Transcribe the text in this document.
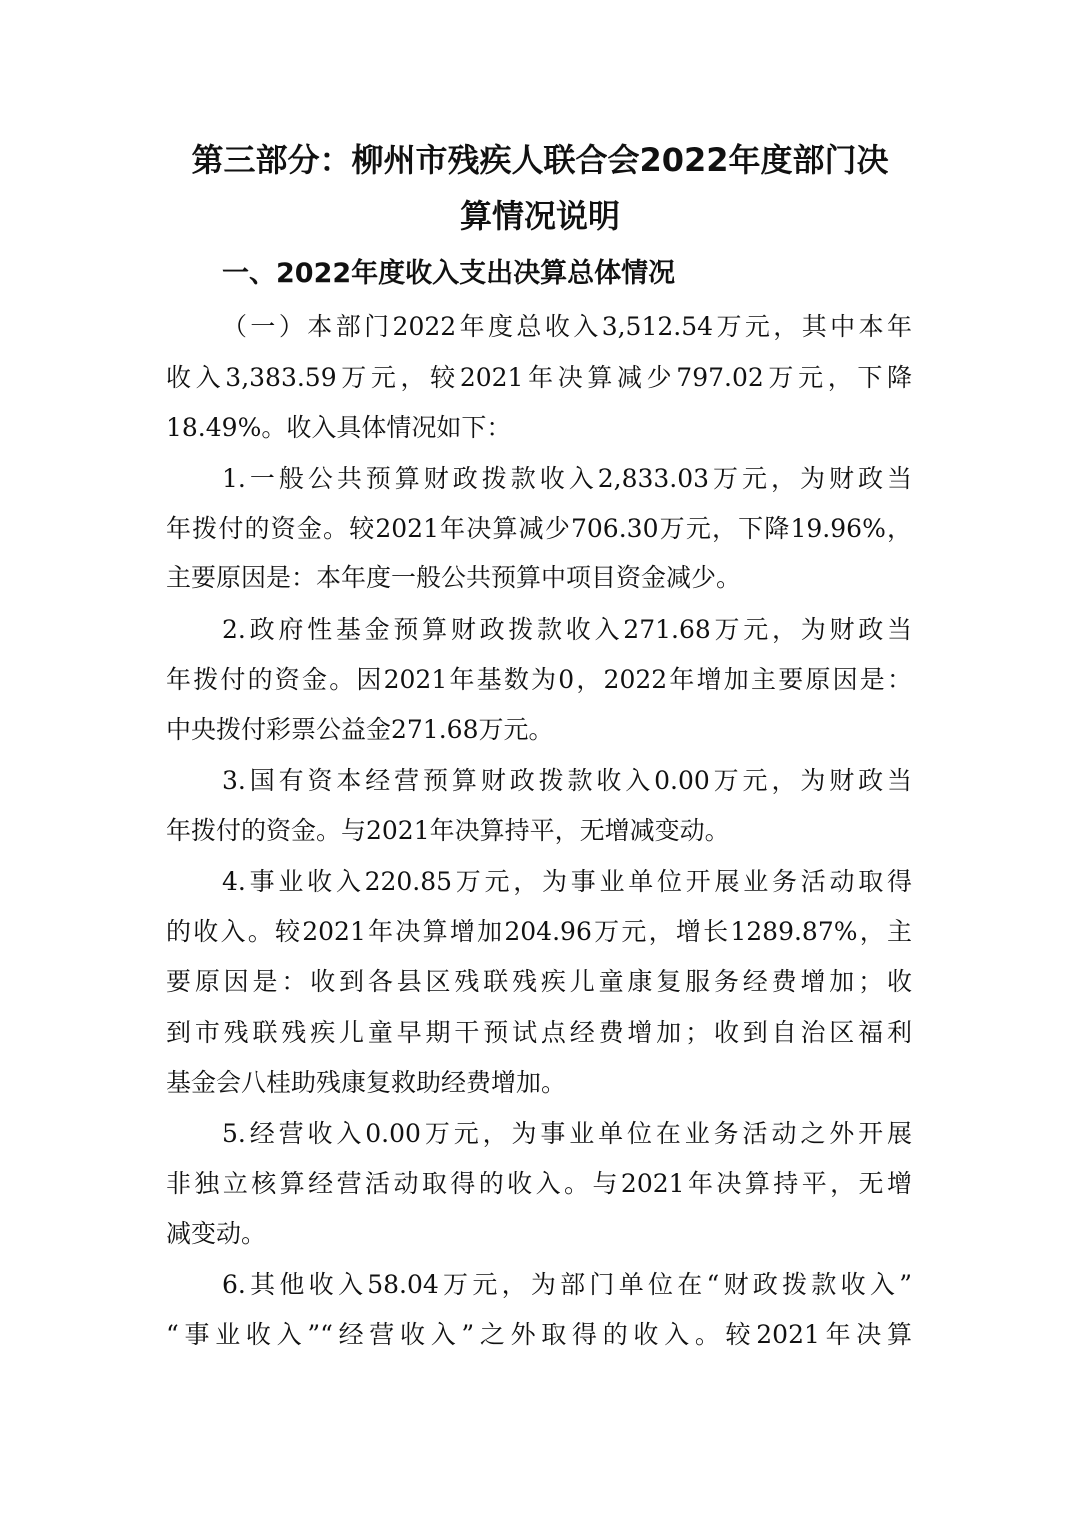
第三部分：柳州市残疾人联合会2022年度部门决
算情况说明
一、2022年度收入支出决算总体情况
（一）本部门2022年度总收入3,512.54万元，其中本年
收入3,383.59万元，较2021年决算减少797.02万元，下降
18.49%。收入具体情况如下：
1.一般公共预算财政拨款收入2,833.03万元，为财政当
年拨付的资金。较2021年决算减少706.30万元，下降19.96%，
主要原因是：本年度一般公共预算中项目资金减少。
2.政府性基金预算财政拨款收入271.68万元，为财政当
年拨付的资金。因2021年基数为0，2022年增加主要原因是：
中央拨付彩票公益金271.68万元。
3.国有资本经营预算财政拨款收入0.00万元，为财政当
年拨付的资金。与2021年决算持平，无增减变动。
4.事业收入220.85万元，为事业单位开展业务活动取得
的收入。较2021年决算增加204.96万元，增长1289.87%，主
要原因是：收到各县区残联残疾儿童康复服务经费增加；收
到市残联残疾儿童早期干预试点经费增加；收到自治区福利
基金会八桂助残康复救助经费增加。
5.经营收入0.00万元，为事业单位在业务活动之外开展
非独立核算经营活动取得的收入。与2021年决算持平，无增
减变动。
6.其他收入58.04万元，为部门单位在“财政拨款收入”
“事业收入”“经营收入”之外取得的收入。较2021年决算
